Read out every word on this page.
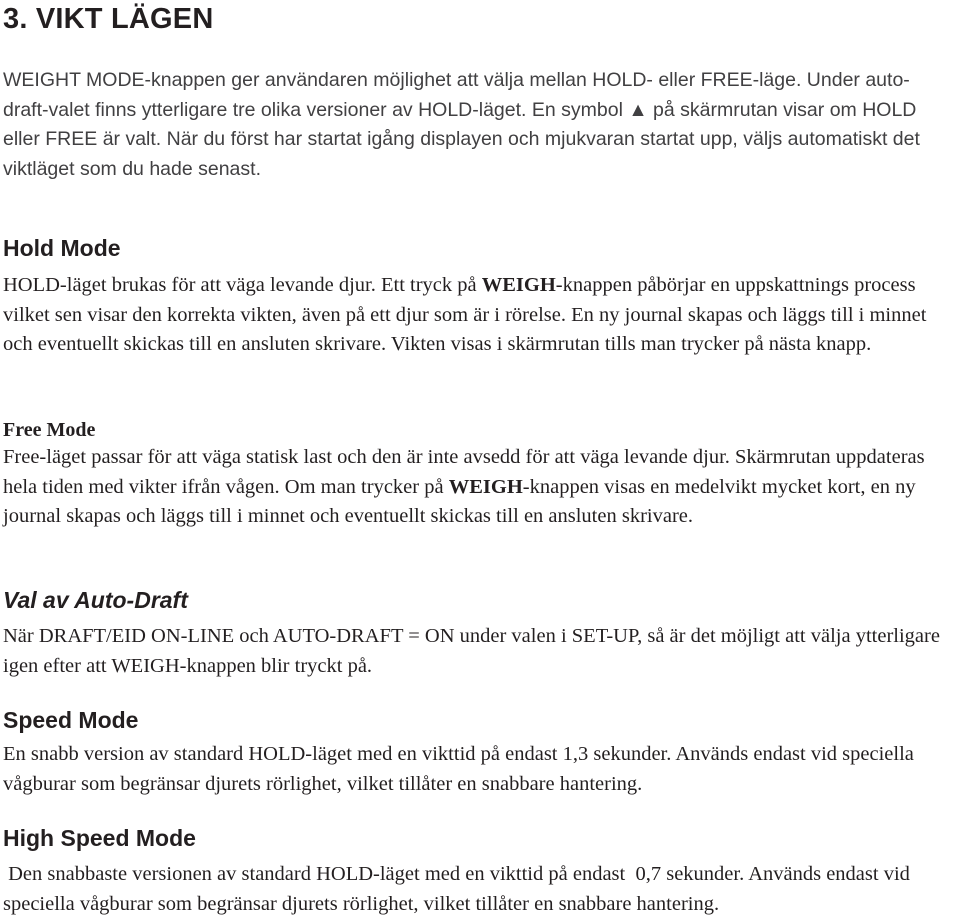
3. VIKT LÄGEN

WEIGHT MODE-knappen ger användaren möjlighet att välja mellan HOLD- eller FREE-läge. Under auto-draft-valet finns ytterligare tre olika versioner av HOLD-läget. En symbol ▲ på skärmrutan visar om HOLD eller FREE är valt. När du först har startat igång displayen och mjukvaran startat upp, väljs automatiskt det viktläget som du hade senast.

Hold Mode

HOLD-läget brukas för att väga levande djur. Ett tryck på WEIGH-knappen påbörjar en uppskattnings process vilket sen visar den korrekta vikten, även på ett djur som är i rörelse. En ny journal skapas och läggs till i minnet och eventuellt skickas till en ansluten skrivare. Vikten visas i skärmrutan tills man trycker på nästa knapp.

Free Mode

Free-läget passar för att väga statisk last och den är inte avsedd för att väga levande djur. Skärmrutan uppdateras hela tiden med vikter ifrån vågen. Om man trycker på WEIGH-knappen visas en medelvikt mycket kort, en ny journal skapas och läggs till i minnet och eventuellt skickas till en ansluten skrivare.

Val av Auto-Draft

När DRAFT/EID ON-LINE och AUTO-DRAFT = ON under valen i SET-UP, så är det möjligt att välja ytterligare igen efter att WEIGH-knappen blir tryckt på.

Speed Mode

En snabb version av standard HOLD-läget med en vikttid på endast 1,3 sekunder. Används endast vid speciella vågburar som begränsar djurets rörlighet, vilket tillåter en snabbare hantering.

High Speed Mode

Den snabbaste versionen av standard HOLD-läget med en vikttid på endast  0,7 sekunder. Används endast vid speciella vågburar som begränsar djurets rörlighet, vilket tillåter en snabbare hantering.
